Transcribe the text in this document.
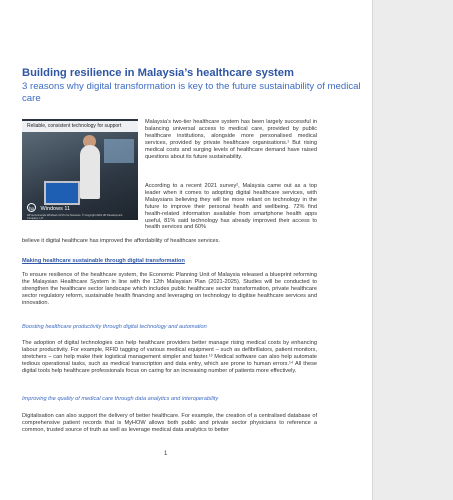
Building resilience in Malaysia’s healthcare system
3 reasons why digital transformation is key to the future sustainability of medical care
Reliable, consistent technology for support
hp Windows 11
HP recommends Windows 11 Pro for business. © Copyright 2022 HP Development Company, L.P.

Malaysia’s two-tier healthcare system has been largely successful in balancing universal access to medical care, provided by public healthcare institutions, alongside more personalised medical services, provided by private healthcare organisations.¹ But rising medical costs and surging levels of healthcare demand have raised questions about its future sustainability.

According to a recent 2021 survey², Malaysia came out as a top leader when it comes to adopting digital healthcare services, with Malaysians believing they will be more reliant on technology in the future to improve their personal health and wellbeing. 72% find health-related information available from smartphone health apps useful, 81% said technology has already improved their access to health services and 60%

believe it digital healthcare has improved the affordability of healthcare services.

Making healthcare sustainable through digital transformation

To ensure resilience of the healthcare system, the Economic Planning Unit of Malaysia released a blueprint reforming the Malaysian Healthcare System in line with the 12th Malaysian Plan (2021-2025). Studies will be conducted to strengthen the healthcare sector landscape which includes public healthcare sector transformation, private healthcare sector regulatory reform, sustainable health financing and leveraging on technology to digitise healthcare services and innovation.

Boosting healthcare productivity through digital technology and automation

The adoption of digital technologies can help healthcare providers better manage rising medical costs by enhancing labour productivity. For example, RFID tagging of various medical equipment – such as defibrillators, patient monitors, stretchers – can help make their logistical management simpler and faster.¹³ Medical software can also help automate tedious operational tasks, such as medical transcription and data entry, which are prone to human errors.¹⁴ All these digital tools help healthcare professionals focus on caring for an increasing number of patients more effectively.

Improving the quality of medical care through data analytics and interoperability

Digitalisation can also support the delivery of better healthcare. For example, the creation of a centralised database of comprehensive patient records that is MyHOW allows both public and private sector physicians to reference a common, trusted source of truth as well as leverage medical data analytics to better

1
